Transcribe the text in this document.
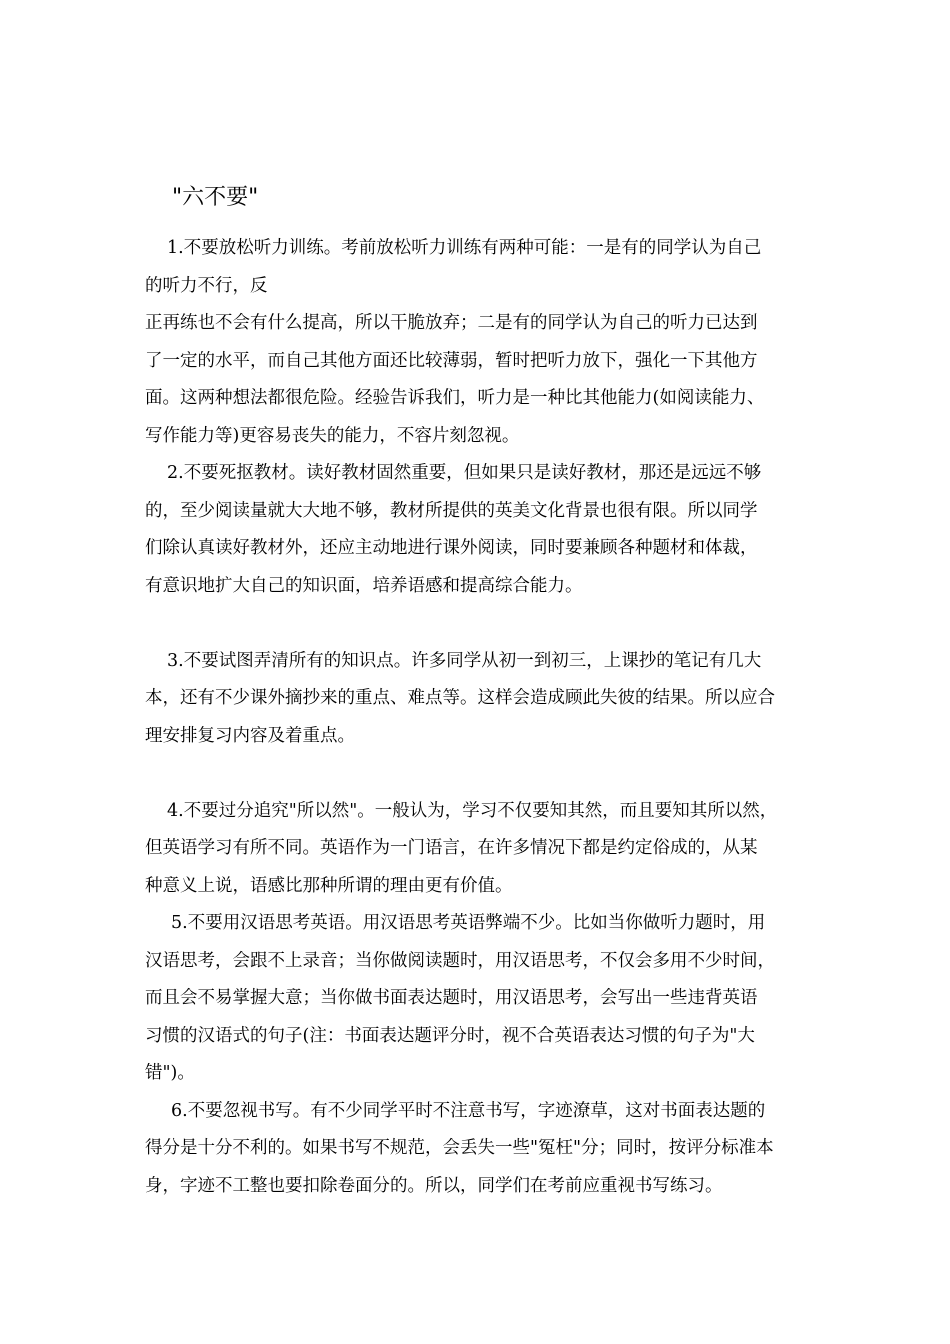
"六不要"
1.不要放松听力训练。考前放松听力训练有两种可能：一是有的同学认为自己
的听力不行，反
正再练也不会有什么提高，所以干脆放弃；二是有的同学认为自己的听力已达到
了一定的水平，而自己其他方面还比较薄弱，暂时把听力放下，强化一下其他方
面。这两种想法都很危险。经验告诉我们，听力是一种比其他能力(如阅读能力、
写作能力等)更容易丧失的能力，不容片刻忽视。
2.不要死抠教材。读好教材固然重要，但如果只是读好教材，那还是远远不够
的，至少阅读量就大大地不够，教材所提供的英美文化背景也很有限。所以同学
们除认真读好教材外，还应主动地进行课外阅读，同时要兼顾各种题材和体裁，
有意识地扩大自己的知识面，培养语感和提高综合能力。
3.不要试图弄清所有的知识点。许多同学从初一到初三，上课抄的笔记有几大
本，还有不少课外摘抄来的重点、难点等。这样会造成顾此失彼的结果。所以应合
理安排复习内容及着重点。
4.不要过分追究"所以然"。一般认为，学习不仅要知其然，而且要知其所以然，
但英语学习有所不同。英语作为一门语言，在许多情况下都是约定俗成的，从某
种意义上说，语感比那种所谓的理由更有价值。
5.不要用汉语思考英语。用汉语思考英语弊端不少。比如当你做听力题时，用
汉语思考，会跟不上录音；当你做阅读题时，用汉语思考，不仅会多用不少时间，
而且会不易掌握大意；当你做书面表达题时，用汉语思考，会写出一些违背英语
习惯的汉语式的句子(注：书面表达题评分时，视不合英语表达习惯的句子为"大
错")。
6.不要忽视书写。有不少同学平时不注意书写，字迹潦草，这对书面表达题的
得分是十分不利的。如果书写不规范，会丢失一些"冤枉"分；同时，按评分标准本
身，字迹不工整也要扣除卷面分的。所以，同学们在考前应重视书写练习。
